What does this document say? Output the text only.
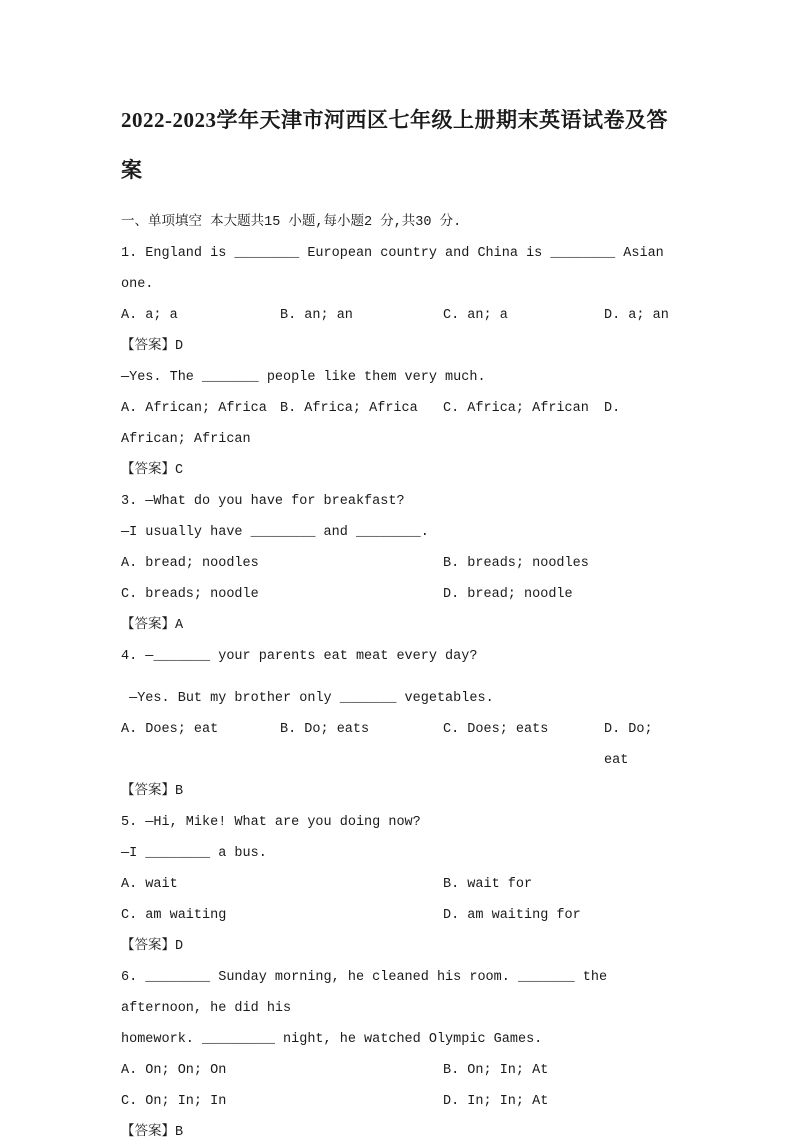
2022-2023学年天津市河西区七年级上册期末英语试卷及答案

一、单项填空 本大题共15 小题,每小题2 分,共30 分.

1. England is ________ European country and China is ________ Asian one.

A. a; a	B. an; an	C. an; a	D. a; an

【答案】D

—Yes. The _______ people like them very much.

A. African; Africa B. Africa; Africa	C. Africa; African	D.

African; African

【答案】C

3. —What do you have for breakfast?

—I usually have ________ and ________.

A. bread; noodles	B. breads; noodles
C. breads; noodle	D. bread; noodle

【答案】A

4. —_______ your parents eat meat every day?

—Yes. But my brother only _______ vegetables.

A. Does; eat	B. Do; eats	C. Does; eats	D. Do; eat

【答案】B

5. —Hi, Mike! What are you doing now?

—I ________ a bus.

A. wait	B. wait for
C. am waiting	D. am waiting for

【答案】D

6. ________ Sunday morning, he cleaned his room. _______ the afternoon, he did his

homework. _________ night, he watched Olympic Games.

A. On; On; On	B. On; In; At
C. On; In; In	D. In; In; At

【答案】B
